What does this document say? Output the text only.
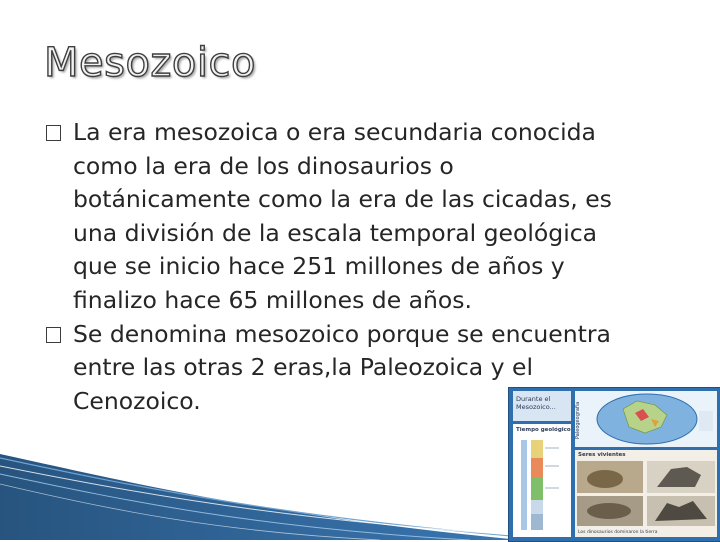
Mesozoico

La era mesozoica o era secundaria conocida
como la era de los dinosaurios o
botánicamente como la era de las cicadas, es
una división de la escala temporal geológica
que se inicio hace 251 millones de años y
finalizo hace 65 millones de años.

Se denomina mesozoico porque se encuentra
entre las otras 2 eras,la Paleozoica y el
Cenozoico.	Durante el Mesozoico...	Paleogeografía
Tiempo geológico
Seres vivientes
Los dinosaurios dominaron la tierra
